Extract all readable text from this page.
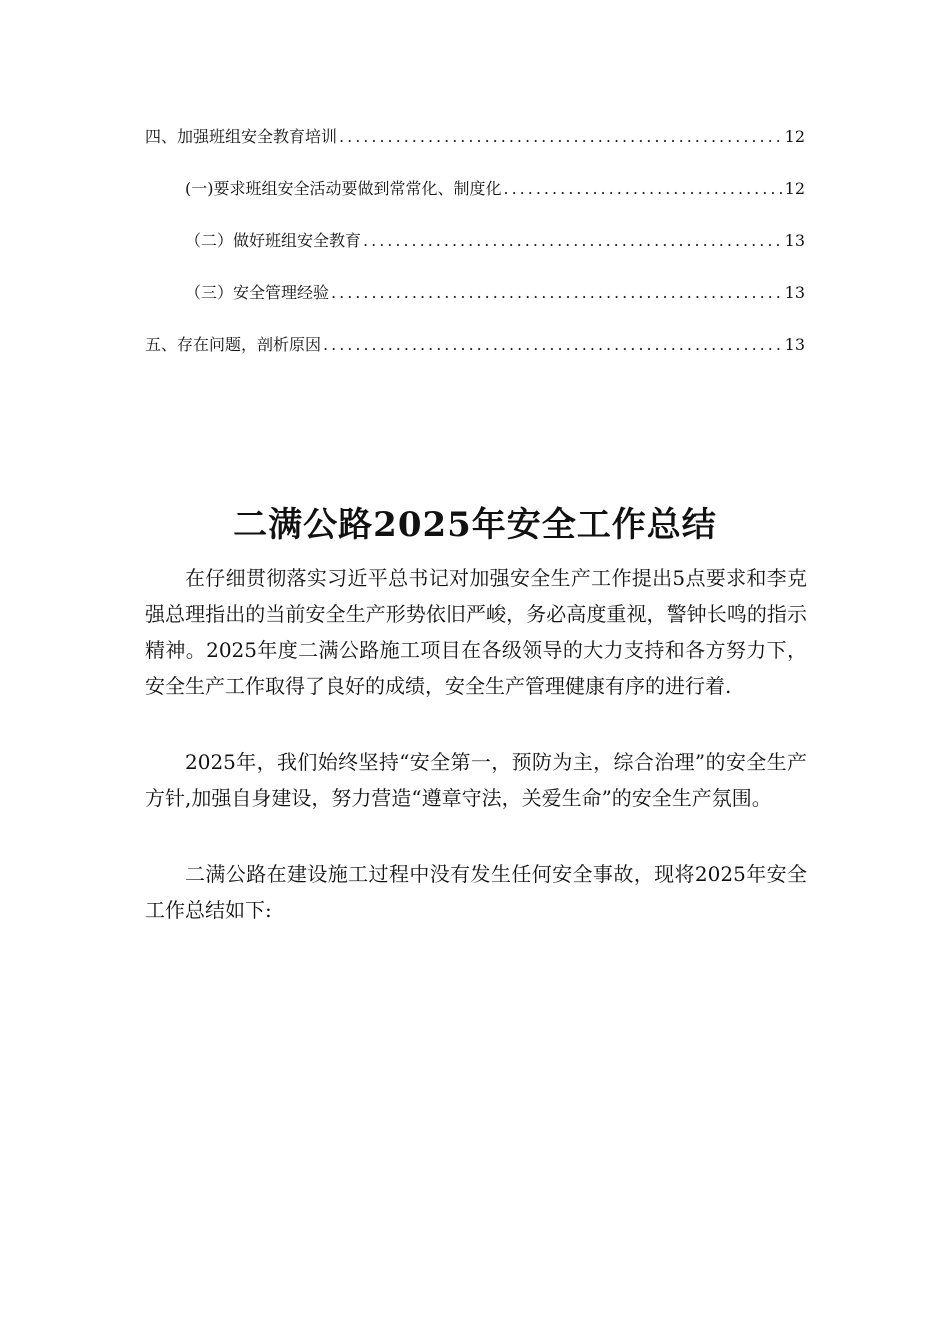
四、加强班组安全教育培训 .....	12
(一)要求班组安全活动要做到常常化、制度化 .....	12
（二）做好班组安全教育 .....	13
（三）安全管理经验 .....	13
五、存在问题，剖析原因 .....	13
二满公路2025年安全工作总结

在仔细贯彻落实习近平总书记对加强安全生产工作提出5点要求和李克强总理指出的当前安全生产形势依旧严峻，务必高度重视，警钟长鸣的指示精神。2025年度二满公路施工项目在各级领导的大力支持和各方努力下，安全生产工作取得了良好的成绩，安全生产管理健康有序的进行着.

2025年，我们始终坚持“安全第一，预防为主，综合治理”的安全生产方针,加强自身建设，努力营造“遵章守法，关爱生命”的安全生产氛围。

二满公路在建设施工过程中没有发生任何安全事故，现将2025年安全工作总结如下:
